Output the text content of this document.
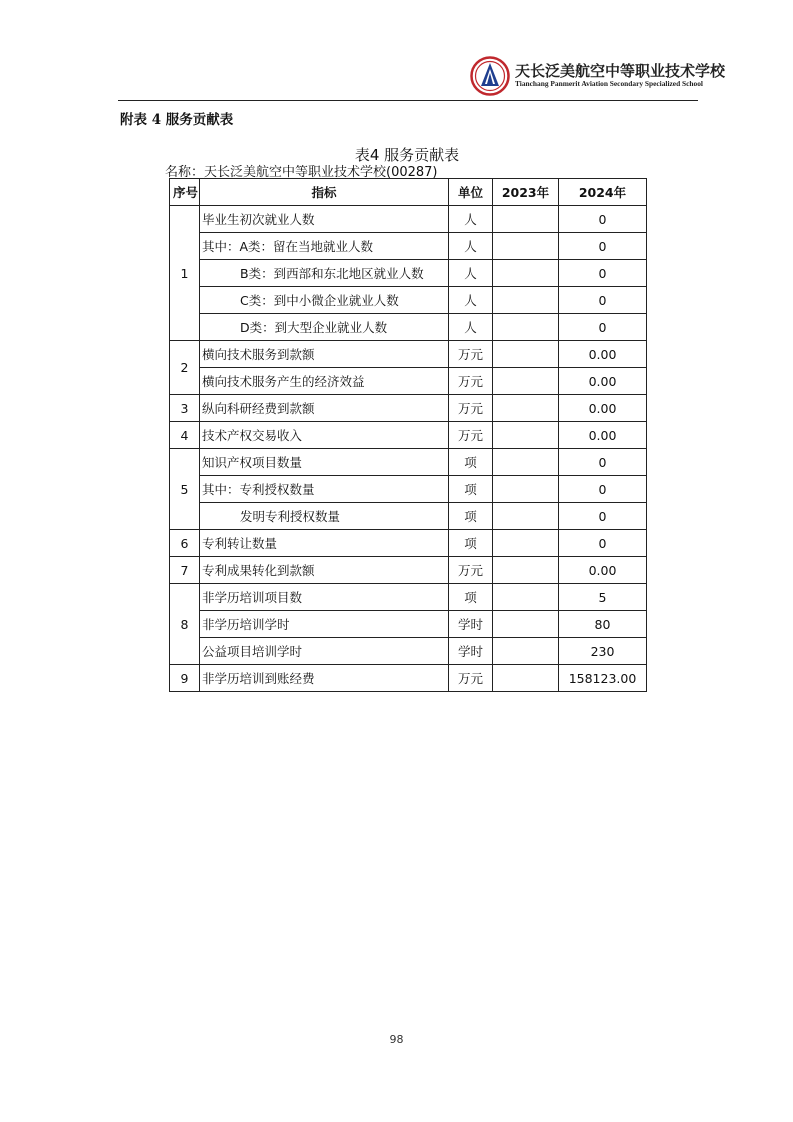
天长泛美航空中等职业技术学校
Tianchang Panmerit Aviation Secondary Specialized School
附表 4 服务贡献表
表4 服务贡献表
名称：天长泛美航空中等职业技术学校(00287)
序号	指标	单位	2023年	2024年
1	毕业生初次就业人数	人		0
	其中：A类：留在当地就业人数	人		0
	B类：到西部和东北地区就业人数	人		0
	C类：到中小微企业就业人数	人		0
	D类：到大型企业就业人数	人		0
2	横向技术服务到款额	万元		0.00
	横向技术服务产生的经济效益	万元		0.00
3	纵向科研经费到款额	万元		0.00
4	技术产权交易收入	万元		0.00
5	知识产权项目数量	项		0
	其中：专利授权数量	项		0
	发明专利授权数量	项		0
6	专利转让数量	项		0
7	专利成果转化到款额	万元		0.00
8	非学历培训项目数	项		5
	非学历培训学时	学时		80
	公益项目培训学时	学时		230
9	非学历培训到账经费	万元		158123.00
98
